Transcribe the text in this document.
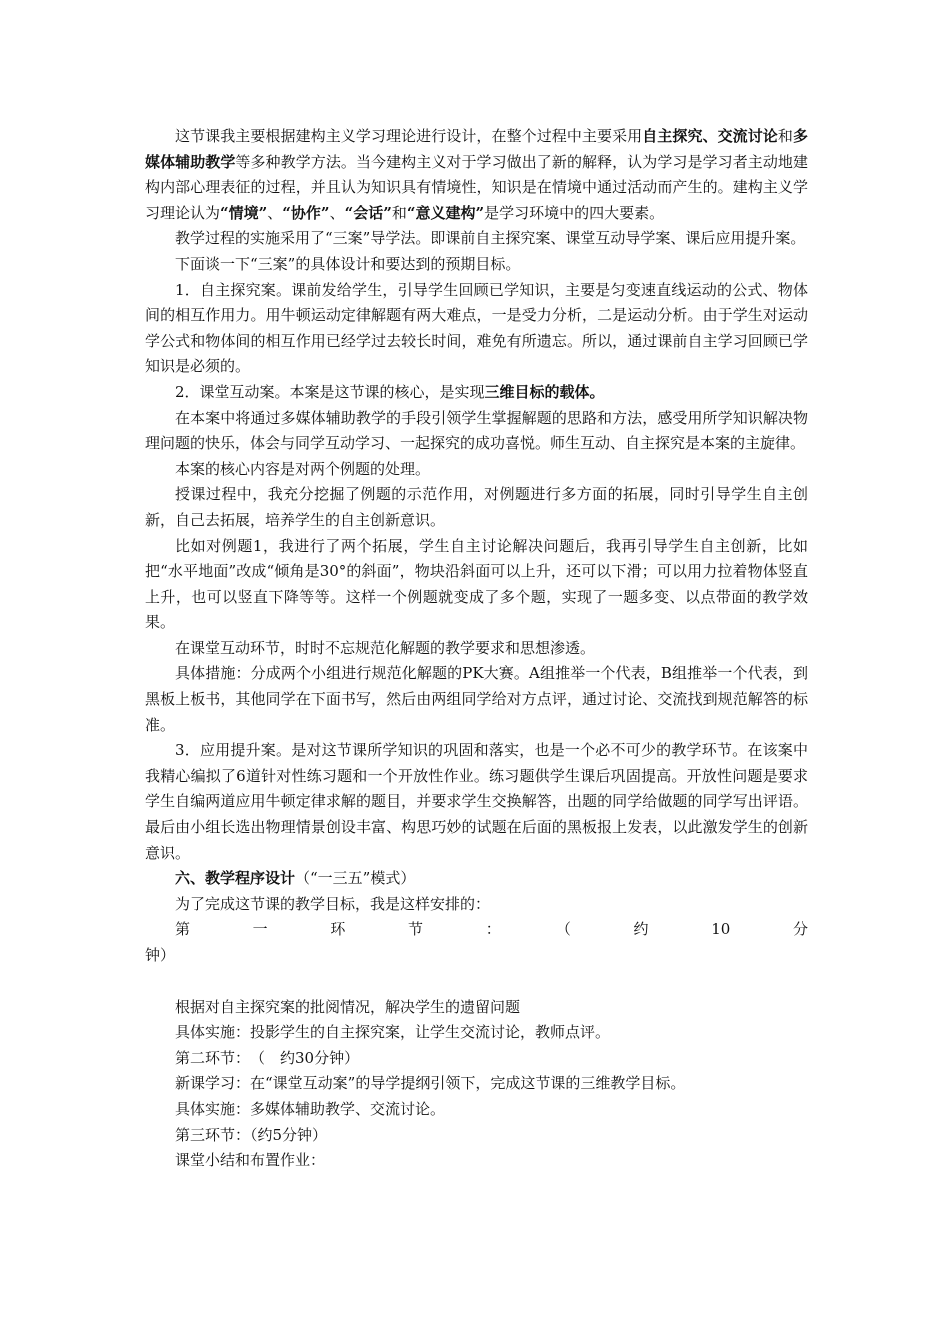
这节课我主要根据建构主义学习理论进行设计，在整个过程中主要采用自主探究、交流讨论和多媒体辅助教学等多种教学方法。当今建构主义对于学习做出了新的解释，认为学习是学习者主动地建构内部心理表征的过程，并且认为知识具有情境性，知识是在情境中通过活动而产生的。建构主义学习理论认为“情境”、“协作”、“会话”和“意义建构”是学习环境中的四大要素。

教学过程的实施采用了“三案”导学法。即课前自主探究案、课堂互动导学案、课后应用提升案。

下面谈一下“三案”的具体设计和要达到的预期目标。

1．自主探究案。课前发给学生，引导学生回顾已学知识，主要是匀变速直线运动的公式、物体间的相互作用力。用牛顿运动定律解题有两大难点，一是受力分析，二是运动分析。由于学生对运动学公式和物体间的相互作用已经学过去较长时间，难免有所遗忘。所以，通过课前自主学习回顾已学知识是必须的。

2．课堂互动案。本案是这节课的核心，是实现三维目标的载体。

在本案中将通过多媒体辅助教学的手段引领学生掌握解题的思路和方法，感受用所学知识解决物理问题的快乐，体会与同学互动学习、一起探究的成功喜悦。师生互动、自主探究是本案的主旋律。

本案的核心内容是对两个例题的处理。

授课过程中，我充分挖掘了例题的示范作用，对例题进行多方面的拓展，同时引导学生自主创新，自己去拓展，培养学生的自主创新意识。

比如对例题1，我进行了两个拓展，学生自主讨论解决问题后，我再引导学生自主创新，比如把“水平地面”改成“倾角是30°的斜面”，物块沿斜面可以上升，还可以下滑；可以用力拉着物体竖直上升，也可以竖直下降等等。这样一个例题就变成了多个题，实现了一题多变、以点带面的教学效果。

在课堂互动环节，时时不忘规范化解题的教学要求和思想渗透。

具体措施：分成两个小组进行规范化解题的PK大赛。A组推举一个代表，B组推举一个代表，到黑板上板书，其他同学在下面书写，然后由两组同学给对方点评，通过讨论、交流找到规范解答的标准。

3．应用提升案。是对这节课所学知识的巩固和落实，也是一个必不可少的教学环节。在该案中我精心编拟了6道针对性练习题和一个开放性作业。练习题供学生课后巩固提高。开放性问题是要求学生自编两道应用牛顿定律求解的题目，并要求学生交换解答，出题的同学给做题的同学写出评语。最后由小组长选出物理情景创设丰富、构思巧妙的试题在后面的黑板报上发表，以此激发学生的创新意识。

六、教学程序设计（“一三五”模式）

为了完成这节课的教学目标，我是这样安排的：

第一环节：（约10分

钟）

根据对自主探究案的批阅情况，解决学生的遗留问题

具体实施：投影学生的自主探究案，让学生交流讨论，教师点评。

第二环节：　（　约30分钟）

新课学习：在“课堂互动案”的导学提纲引领下，完成这节课的三维教学目标。

具体实施：多媒体辅助教学、交流讨论。

第三环节：（约5分钟）

课堂小结和布置作业：
